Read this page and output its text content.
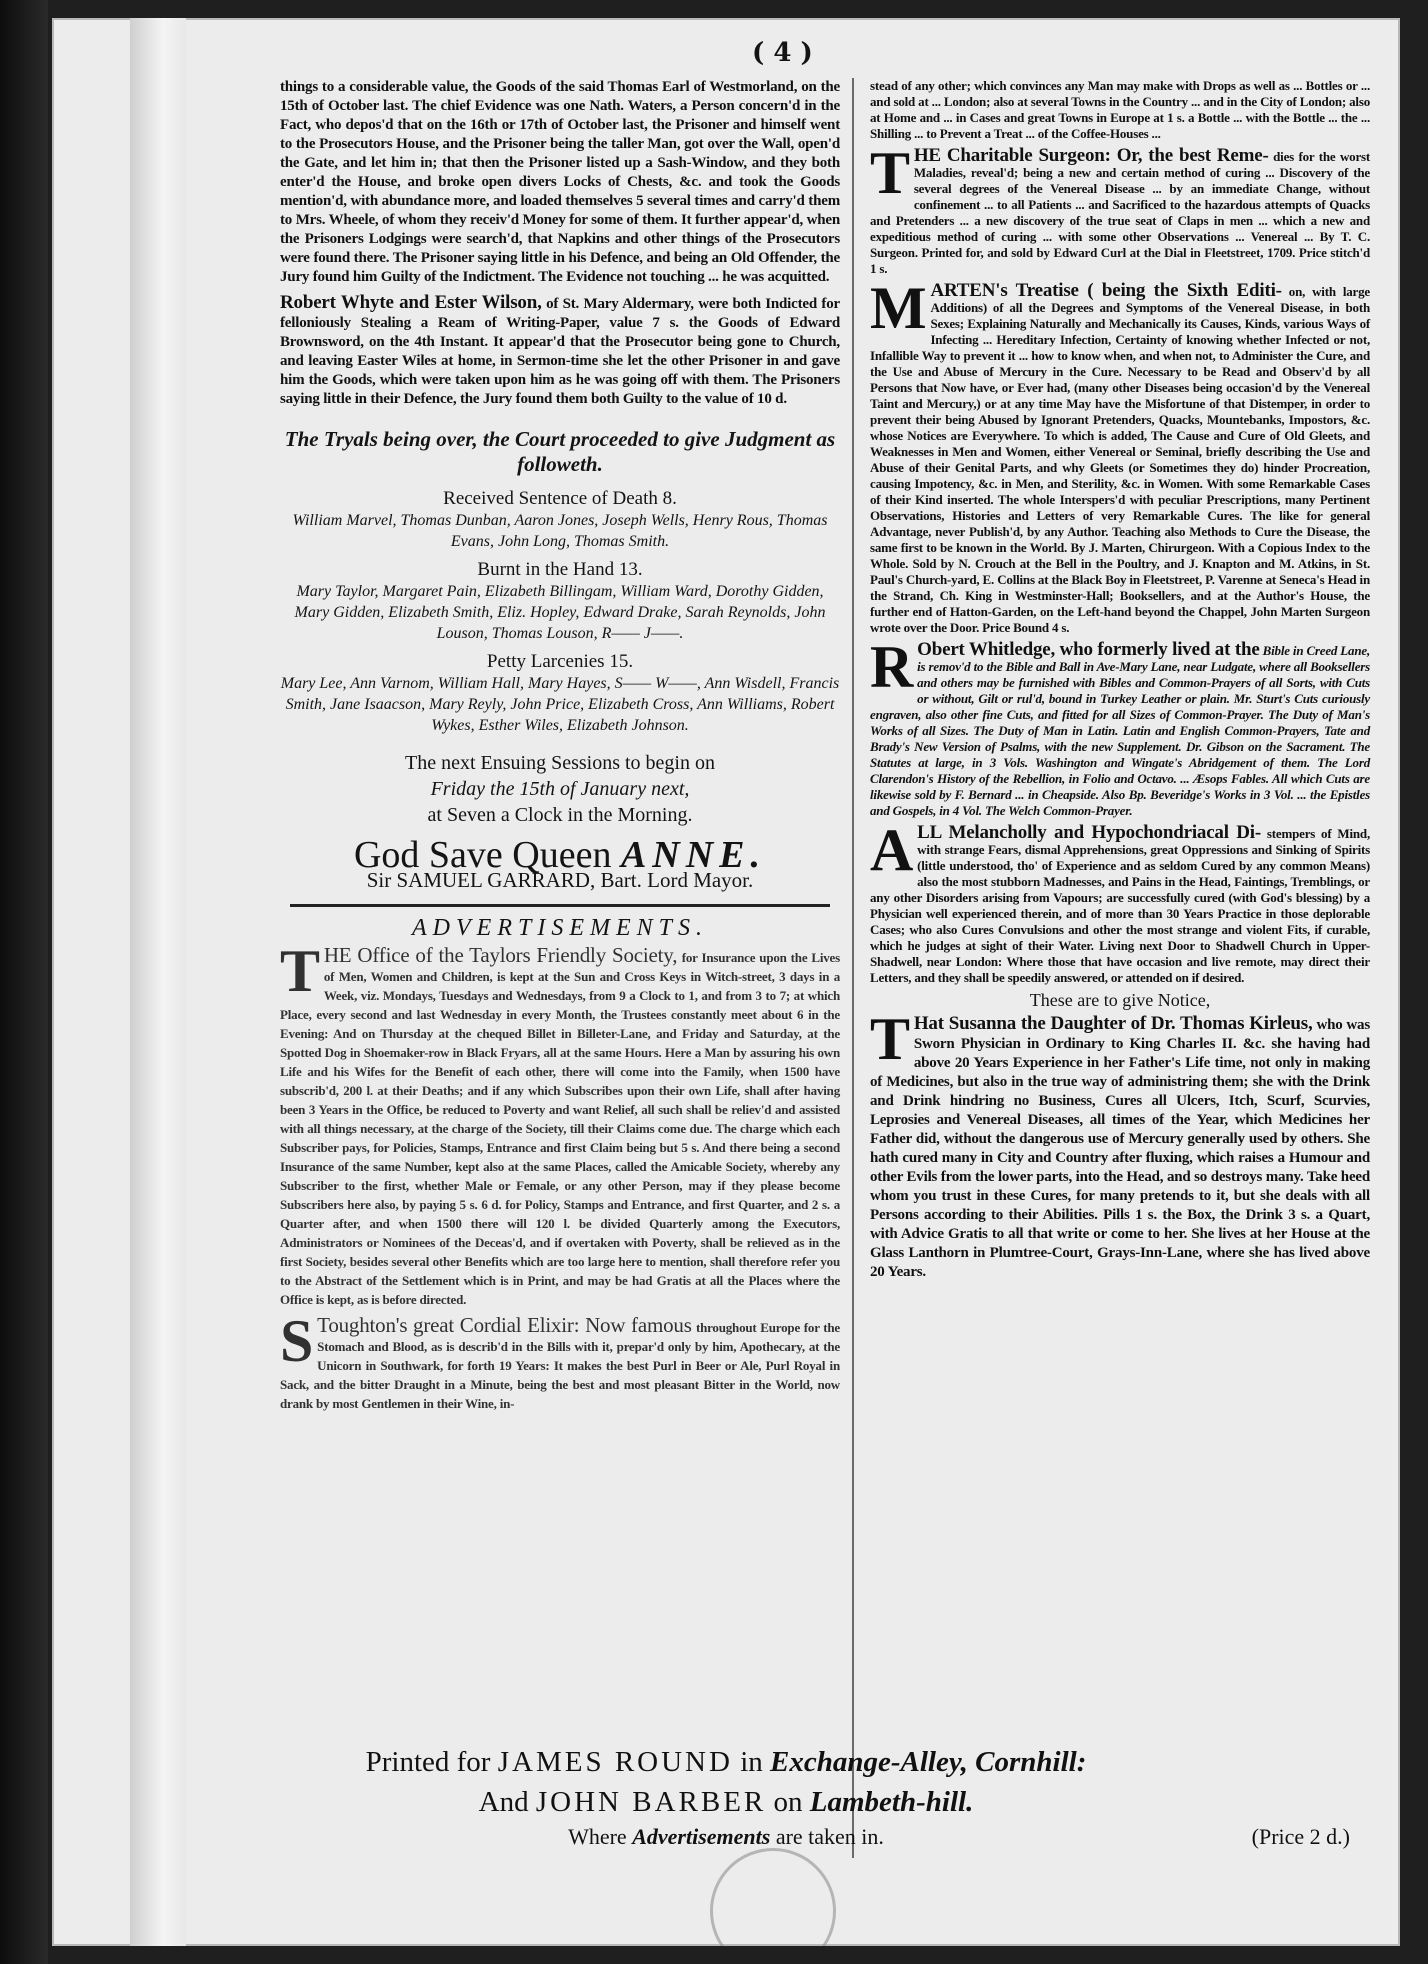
( 4 )

things to a considerable value, the Goods of the said Thomas Earl of Westmorland, on the 15th of October last. The chief Evidence was one Nath. Waters, a Person concern'd in the Fact, who depos'd that on the 16th or 17th of October last, the Prisoner and himself went to the Prosecutors House, and the Prisoner being the taller Man, got over the Wall, open'd the Gate, and let him in; that then the Prisoner listed up a Sash-Window, and they both enter'd the House, and broke open divers Locks of Chests, &c. and took the Goods mention'd, with abundance more, and loaded themselves 5 several times and carry'd them to Mrs. Wheele, of whom they receiv'd Money for some of them. It further appear'd, when the Prisoners Lodgings were search'd, that Napkins and other things of the Prosecutors were found there. The Prisoner saying little in his Defence, and being an Old Offender, the Jury found him Guilty of the Indictment. The Evidence not touching ... he was acquitted.

Robert Whyte and Ester Wilson, of St. Mary Aldermary, were both Indicted for felloniously Stealing a Ream of Writing-Paper, value 7 s. the Goods of Edward Brownsword, on the 4th Instant. It appear'd that the Prosecutor being gone to Church, and leaving Easter Wiles at home, in Sermon-time she let the other Prisoner in and gave him the Goods, which were taken upon him as he was going off with them. The Prisoners saying little in their Defence, the Jury found them both Guilty to the value of 10 d.

The Tryals being over, the Court proceeded to give Judgment as followeth.
Received Sentence of Death 8.
William Marvel, Thomas Dunban, Aaron Jones, Joseph Wells, Henry Rous, Thomas Evans, John Long, Thomas Smith.
Burnt in the Hand 13.
Mary Taylor, Margaret Pain, Elizabeth Billingam, William Ward, Dorothy Gidden, Mary Gidden, Elizabeth Smith, Eliz. Hopley, Edward Drake, Sarah Reynolds, John Louson, Thomas Louson, R—— J——.
Petty Larcenies 15.
Mary Lee, Ann Varnom, William Hall, Mary Hayes, S—— W——, Ann Wisdell, Francis Smith, Jane Isaacson, Mary Reyly, John Price, Elizabeth Cross, Ann Williams, Robert Wykes, Esther Wiles, Elizabeth Johnson.
The next Ensuing Sessions to begin on
Friday the 15th of January next,
at Seven a Clock in the Morning.
God Save Queen ANNE.
Sir SAMUEL GARRARD, Bart. Lord Mayor.
ADVERTISEMENTS.

T HE Office of the Taylors Friendly Society, for Insurance upon the Lives of Men, Women and Children, is kept at the Sun and Cross Keys in Witch-street, 3 days in a Week, viz. Mondays, Tuesdays and Wednesdays, from 9 a Clock to 1, and from 3 to 7; at which Place, every second and last Wednesday in every Month, the Trustees constantly meet about 6 in the Evening: And on Thursday at the chequed Billet in Billeter-Lane, and Friday and Saturday, at the Spotted Dog in Shoemaker-row in Black Fryars, all at the same Hours. Here a Man by assuring his own Life and his Wifes for the Benefit of each other, there will come into the Family, when 1500 have subscrib'd, 200 l. at their Deaths; and if any which Subscribes upon their own Life, shall after having been 3 Years in the Office, be reduced to Poverty and want Relief, all such shall be reliev'd and assisted with all things necessary, at the charge of the Society, till their Claims come due. The charge which each Subscriber pays, for Policies, Stamps, Entrance and first Claim being but 5 s. And there being a second Insurance of the same Number, kept also at the same Places, called the Amicable Society, whereby any Subscriber to the first, whether Male or Female, or any other Person, may if they please become Subscribers here also, by paying 5 s. 6 d. for Policy, Stamps and Entrance, and first Quarter, and 2 s. a Quarter after, and when 1500 there will 120 l. be divided Quarterly among the Executors, Administrators or Nominees of the Deceas'd, and if overtaken with Poverty, shall be relieved as in the first Society, besides several other Benefits which are too large here to mention, shall therefore refer you to the Abstract of the Settlement which is in Print, and may be had Gratis at all the Places where the Office is kept, as is before directed.

S Toughton's great Cordial Elixir: Now famous throughout Europe for the Stomach and Blood, as is describ'd in the Bills with it, prepar'd only by him, Apothecary, at the Unicorn in Southwark, for forth 19 Years: It makes the best Purl in Beer or Ale, Purl Royal in Sack, and the bitter Draught in a Minute, being the best and most pleasant Bitter in the World, now drank by most Gentlemen in their Wine, in-

stead of any other; which convinces any Man may make with Drops as well as ... Bottles or ... and sold at ... London; also at several Towns in the Country ... and in the City of London; also at Home and ... in Cases and great Towns in Europe at 1 s. a Bottle ... with the Bottle ... the ... Shilling ... to Prevent a Treat ... of the Coffee-Houses ...

T HE Charitable Surgeon: Or, the best Reme- dies for the worst Maladies, reveal'd; being a new and certain method of curing ... Discovery of the several degrees of the Venereal Disease ... by an immediate Change, without confinement ... to all Patients ... and Sacrificed to the hazardous attempts of Quacks and Pretenders ... a new discovery of the true seat of Claps in men ... which a new and expeditious method of curing ... with some other Observations ... Venereal ... By T. C. Surgeon. Printed for, and sold by Edward Curl at the Dial in Fleetstreet, 1709. Price stitch'd 1 s.

M ARTEN's Treatise ( being the Sixth Editi- on, with large Additions) of all the Degrees and Symptoms of the Venereal Disease, in both Sexes; Explaining Naturally and Mechanically its Causes, Kinds, various Ways of Infecting ... Hereditary Infection, Certainty of knowing whether Infected or not, Infallible Way to prevent it ... how to know when, and when not, to Administer the Cure, and the Use and Abuse of Mercury in the Cure. Necessary to be Read and Observ'd by all Persons that Now have, or Ever had, (many other Diseases being occasion'd by the Venereal Taint and Mercury,) or at any time May have the Misfortune of that Distemper, in order to prevent their being Abused by Ignorant Pretenders, Quacks, Mountebanks, Impostors, &c. whose Notices are Everywhere. To which is added, The Cause and Cure of Old Gleets, and Weaknesses in Men and Women, either Venereal or Seminal, briefly describing the Use and Abuse of their Genital Parts, and why Gleets (or Sometimes they do) hinder Procreation, causing Impotency, &c. in Men, and Sterility, &c. in Women. With some Remarkable Cases of their Kind inserted. The whole Interspers'd with peculiar Prescriptions, many Pertinent Observations, Histories and Letters of very Remarkable Cures. The like for general Advantage, never Publish'd, by any Author. Teaching also Methods to Cure the Disease, the same first to be known in the World. By J. Marten, Chirurgeon. With a Copious Index to the Whole. Sold by N. Crouch at the Bell in the Poultry, and J. Knapton and M. Atkins, in St. Paul's Church-yard, E. Collins at the Black Boy in Fleetstreet, P. Varenne at Seneca's Head in the Strand, Ch. King in Westminster-Hall; Booksellers, and at the Author's House, the further end of Hatton-Garden, on the Left-hand beyond the Chappel, John Marten Surgeon wrote over the Door. Price Bound 4 s.

R Obert Whitledge, who formerly lived at the Bible in Creed Lane, is remov'd to the Bible and Ball in Ave-Mary Lane, near Ludgate, where all Booksellers and others may be furnished with Bibles and Common-Prayers of all Sorts, with Cuts or without, Gilt or rul'd, bound in Turkey Leather or plain. Mr. Sturt's Cuts curiously engraven, also other fine Cuts, and fitted for all Sizes of Common-Prayer. The Duty of Man's Works of all Sizes. The Duty of Man in Latin. Latin and English Common-Prayers, Tate and Brady's New Version of Psalms, with the new Supplement. Dr. Gibson on the Sacrament. The Statutes at large, in 3 Vols. Washington and Wingate's Abridgement of them. The Lord Clarendon's History of the Rebellion, in Folio and Octavo. ... Æsops Fables. All which Cuts are likewise sold by F. Bernard ... in Cheapside. Also Bp. Beveridge's Works in 3 Vol. ... the Epistles and Gospels, in 4 Vol. The Welch Common-Prayer.

A LL Melancholly and Hypochondriacal Di- stempers of Mind, with strange Fears, dismal Apprehensions, great Oppressions and Sinking of Spirits (little understood, tho' of Experience and as seldom Cured by any common Means) also the most stubborn Madnesses, and Pains in the Head, Faintings, Tremblings, or any other Disorders arising from Vapours; are successfully cured (with God's blessing) by a Physician well experienced therein, and of more than 30 Years Practice in those deplorable Cases; who also Cures Convulsions and other the most strange and violent Fits, if curable, which he judges at sight of their Water. Living next Door to Shadwell Church in Upper-Shadwell, near London: Where those that have occasion and live remote, may direct their Letters, and they shall be speedily answered, or attended on if desired.

These are to give Notice,

T Hat Susanna the Daughter of Dr. Thomas Kirleus, who was Sworn Physician in Ordinary to King Charles II. &c. she having had above 20 Years Experience in her Father's Life time, not only in making of Medicines, but also in the true way of administring them; she with the Drink and Drink hindring no Business, Cures all Ulcers, Itch, Scurf, Scurvies, Leprosies and Venereal Diseases, all times of the Year, which Medicines her Father did, without the dangerous use of Mercury generally used by others. She hath cured many in City and Country after fluxing, which raises a Humour and other Evils from the lower parts, into the Head, and so destroys many. Take heed whom you trust in these Cures, for many pretends to it, but she deals with all Persons according to their Abilities. Pills 1 s. the Box, the Drink 3 s. a Quart, with Advice Gratis to all that write or come to her. She lives at her House at the Glass Lanthorn in Plumtree-Court, Grays-Inn-Lane, where she has lived above 20 Years.

Printed for JAMES ROUND in Exchange-Alley, Cornhill:
And JOHN BARBER on Lambeth-hill.
Where Advertisements are taken in.	(Price 2 d.)
